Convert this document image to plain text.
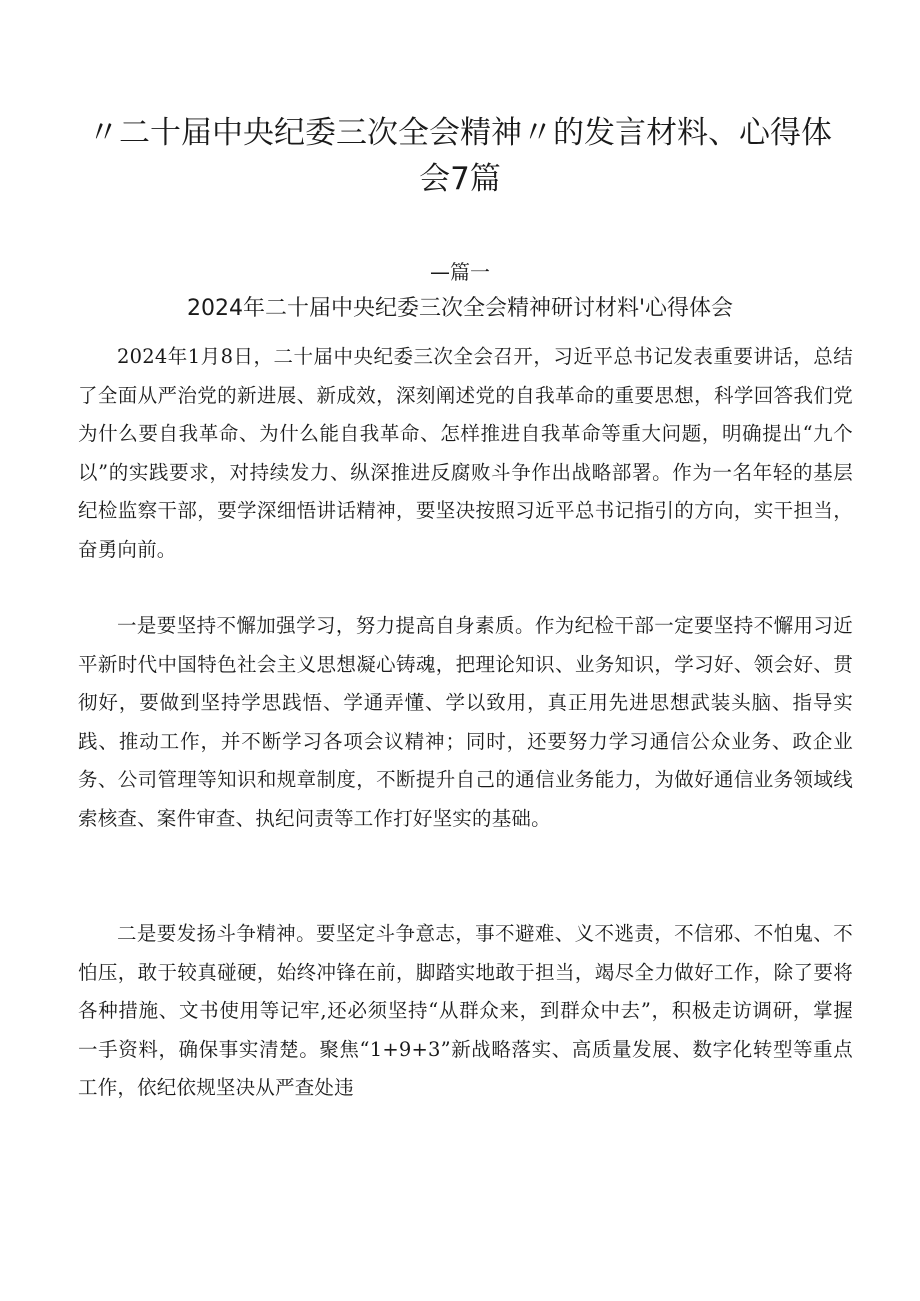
〃二十届中央纪委三次全会精神〃的发言材料、心得体会7篇
—篇一
2024年二十届中央纪委三次全会精神研讨材料'心得体会

2024年1月8日，二十届中央纪委三次全会召开，习近平总书记发表重要讲话，总结了全面从严治党的新进展、新成效，深刻阐述党的自我革命的重要思想，科学回答我们党为什么要自我革命、为什么能自我革命、怎样推进自我革命等重大问题，明确提出“九个以”的实践要求，对持续发力、纵深推进反腐败斗争作出战略部署。作为一名年轻的基层纪检监察干部，要学深细悟讲话精神，要坚决按照习近平总书记指引的方向，实干担当，奋勇向前。

一是要坚持不懈加强学习，努力提高自身素质。作为纪检干部一定要坚持不懈用习近平新时代中国特色社会主义思想凝心铸魂，把理论知识、业务知识，学习好、领会好、贯彻好，要做到坚持学思践悟、学通弄懂、学以致用，真正用先进思想武装头脑、指导实践、推动工作，并不断学习各项会议精神；同时，还要努力学习通信公众业务、政企业务、公司管理等知识和规章制度，不断提升自己的通信业务能力，为做好通信业务领域线索核查、案件审查、执纪问责等工作打好坚实的基础。

二是要发扬斗争精神。要坚定斗争意志，事不避难、义不逃责，不信邪、不怕鬼、不怕压，敢于较真碰硬，始终冲锋在前，脚踏实地敢于担当，竭尽全力做好工作，除了要将各种措施、文书使用等记牢,还必须坚持“从群众来，到群众中去”，积极走访调研，掌握一手资料，确保事实清楚。聚焦“1+9+3”新战略落实、高质量发展、数字化转型等重点工作，依纪依规坚决从严查处违
